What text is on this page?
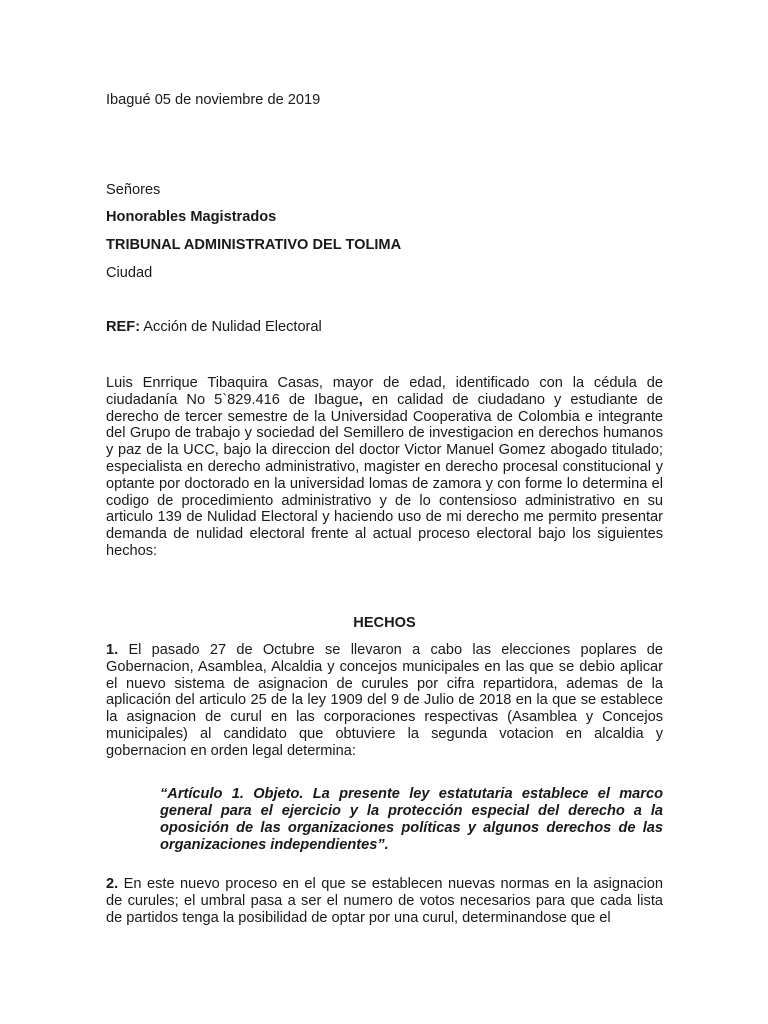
Ibagué 05 de noviembre de 2019
Señores
Honorables Magistrados
TRIBUNAL ADMINISTRATIVO DEL TOLIMA
Ciudad
REF: Acción de Nulidad Electoral
Luis Enrrique Tibaquira Casas, mayor de edad, identificado con la cédula de ciudadanía No 5`829.416 de Ibague, en calidad de ciudadano y estudiante de derecho de tercer semestre de la Universidad Cooperativa de Colombia e integrante del Grupo de trabajo y sociedad del Semillero de investigacion en derechos humanos y paz de la UCC, bajo la direccion del doctor Victor Manuel Gomez abogado titulado; especialista en derecho administrativo, magister en derecho procesal constitucional y optante por doctorado en la universidad lomas de zamora y con forme lo determina el codigo de procedimiento administrativo y de lo contensioso administrativo en su articulo 139 de Nulidad Electoral y haciendo uso de mi derecho me permito presentar demanda de nulidad electoral frente al actual proceso electoral bajo los siguientes hechos:
HECHOS
1. El pasado 27 de Octubre se llevaron a cabo las elecciones poplares de Gobernacion, Asamblea, Alcaldia y concejos municipales en las que se debio aplicar el nuevo sistema de asignacion de curules por cifra repartidora, ademas de la aplicación del articulo 25 de la ley 1909 del 9 de Julio de 2018 en la que se establece la asignacion de curul en las corporaciones respectivas (Asamblea y Concejos municipales) al candidato que obtuviere la segunda votacion en alcaldia y gobernacion en orden legal determina:
“Artículo 1. Objeto. La presente ley estatutaria establece el marco general para el ejercicio y la protección especial del derecho a la oposición de las organizaciones políticas y algunos derechos de las organizaciones independientes”.
2. En este nuevo proceso en el que se establecen nuevas normas en la asignacion de curules; el umbral pasa a ser el numero de votos necesarios para que cada lista de partidos tenga la posibilidad de optar por una curul, determinandose que el
